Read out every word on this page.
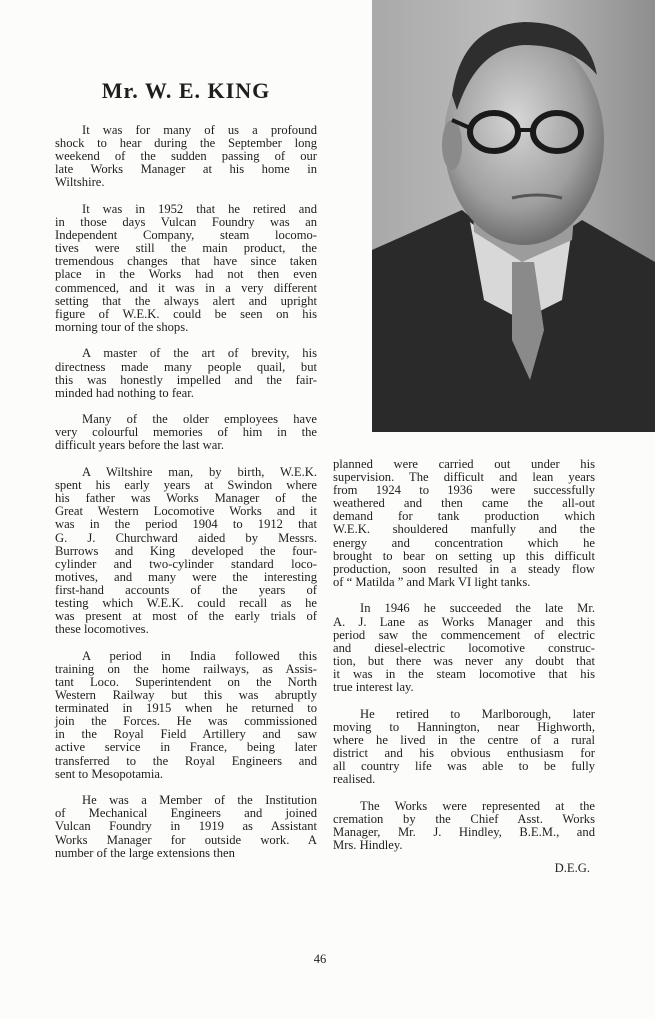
Mr. W. E. KING
It was for many of us a profound
shock to hear during the September long
weekend of the sudden passing of our
late Works Manager at his home in
Wiltshire.
It was in 1952 that he retired and
in those days Vulcan Foundry was an
Independent Company, steam locomo-
tives were still the main product, the
tremendous changes that have since taken
place in the Works had not then even
commenced, and it was in a very different
setting that the always alert and upright
figure of W.E.K. could be seen on his
morning tour of the shops.
A master of the art of brevity, his
directness made many people quail, but
this was honestly impelled and the fair-
minded had nothing to fear.
Many of the older employees have
very colourful memories of him in the
difficult years before the last war.
A Wiltshire man, by birth, W.E.K.
spent his early years at Swindon where
his father was Works Manager of the
Great Western Locomotive Works and it
was in the period 1904 to 1912 that
G. J. Churchward aided by Messrs.
Burrows and King developed the four-
cylinder and two-cylinder standard loco-
motives, and many were the interesting
first-hand accounts of the years of
testing which W.E.K. could recall as he
was present at most of the early trials of
these locomotives.
A period in India followed this
training on the home railways, as Assis-
tant Loco. Superintendent on the North
Western Railway but this was abruptly
terminated in 1915 when he returned to
join the Forces. He was commissioned
in the Royal Field Artillery and saw
active service in France, being later
transferred to the Royal Engineers and
sent to Mesopotamia.
He was a Member of the Institution
of Mechanical Engineers and joined
Vulcan Foundry in 1919 as Assistant
Works Manager for outside work. A
number of the large extensions then
planned were carried out under his
supervision. The difficult and lean years
from 1924 to 1936 were successfully
weathered and then came the all-out
demand for tank production which
W.E.K. shouldered manfully and the
energy and concentration which he
brought to bear on setting up this difficult
production, soon resulted in a steady flow
of “ Matilda ” and Mark VI light tanks.
In 1946 he succeeded the late Mr.
A. J. Lane as Works Manager and this
period saw the commencement of electric
and diesel-electric locomotive construc-
tion, but there was never any doubt that
it was in the steam locomotive that his
true interest lay.
He retired to Marlborough, later
moving to Hannington, near Highworth,
where he lived in the centre of a rural
district and his obvious enthusiasm for
all country life was able to be fully
realised.
The Works were represented at the
cremation by the Chief Asst. Works
Manager, Mr. J. Hindley, B.E.M., and
Mrs. Hindley.
D.E.G.
46
